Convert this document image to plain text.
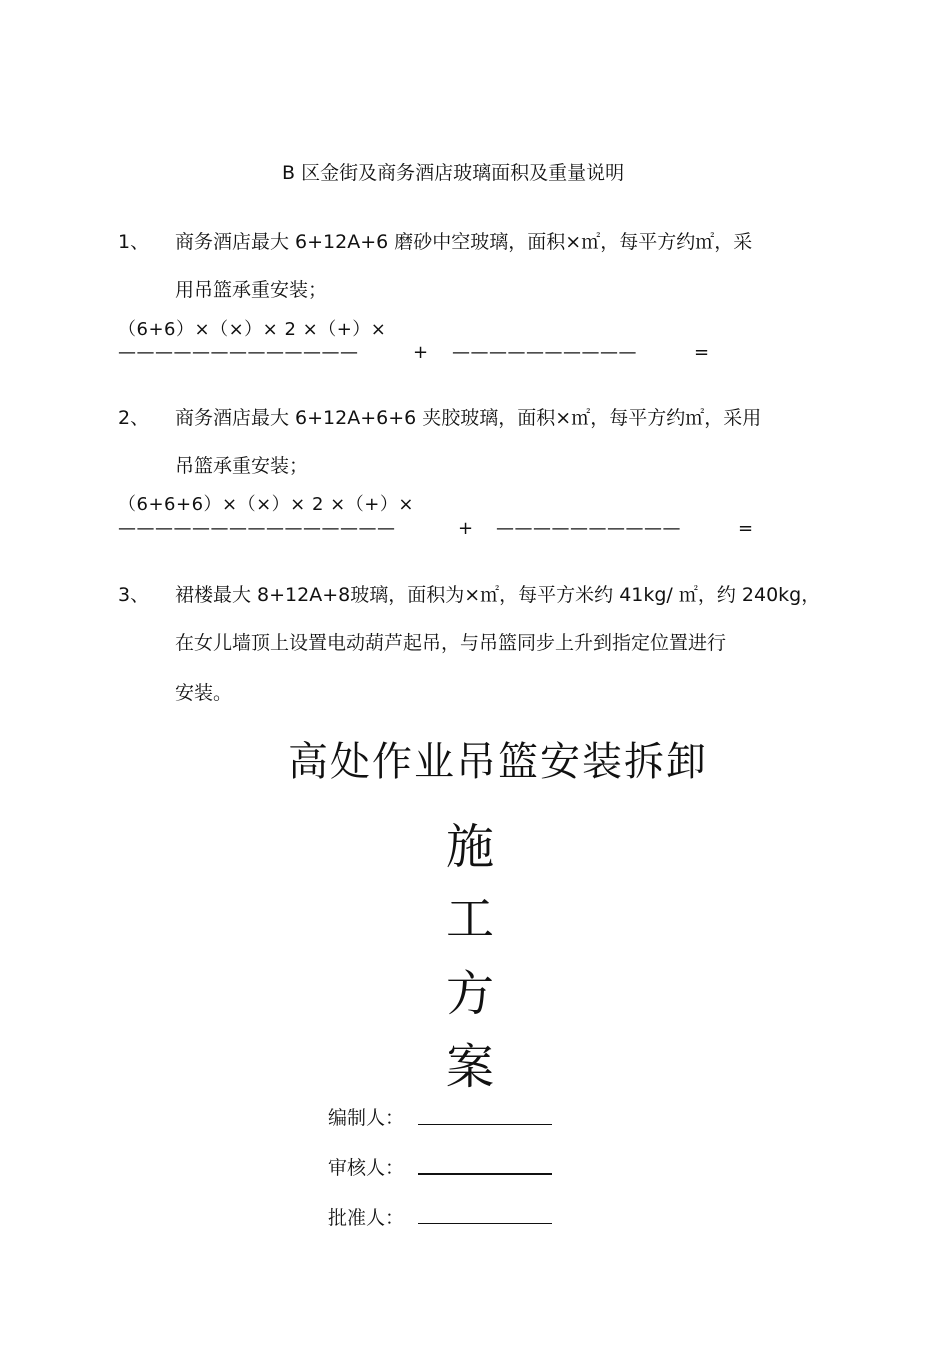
B 区金街及商务酒店玻璃面积及重量说明
1、 商务酒店最大 6+12A+6 磨砂中空玻璃，面积×㎡，每平方约㎡，采
用吊篮承重安装；
（6+6）×（×）× 2 ×（+）×
—————————————	+ ——————————	=
2、 商务酒店最大 6+12A+6+6 夹胶玻璃，面积×㎡，每平方约㎡，采用
吊篮承重安装；
（6+6+6）×（×）× 2 ×（+）×
———————————————	+ ——————————	=
3、 裙楼最大 8+12A+8玻璃，面积为×㎡，每平方米约 41kg/ ㎡，约 240kg，
在女儿墙顶上设置电动葫芦起吊，与吊篮同步上升到指定位置进行
安装。
高处作业吊篮安装拆卸
施
工
方
案
编制人：
审核人：
批准人：
